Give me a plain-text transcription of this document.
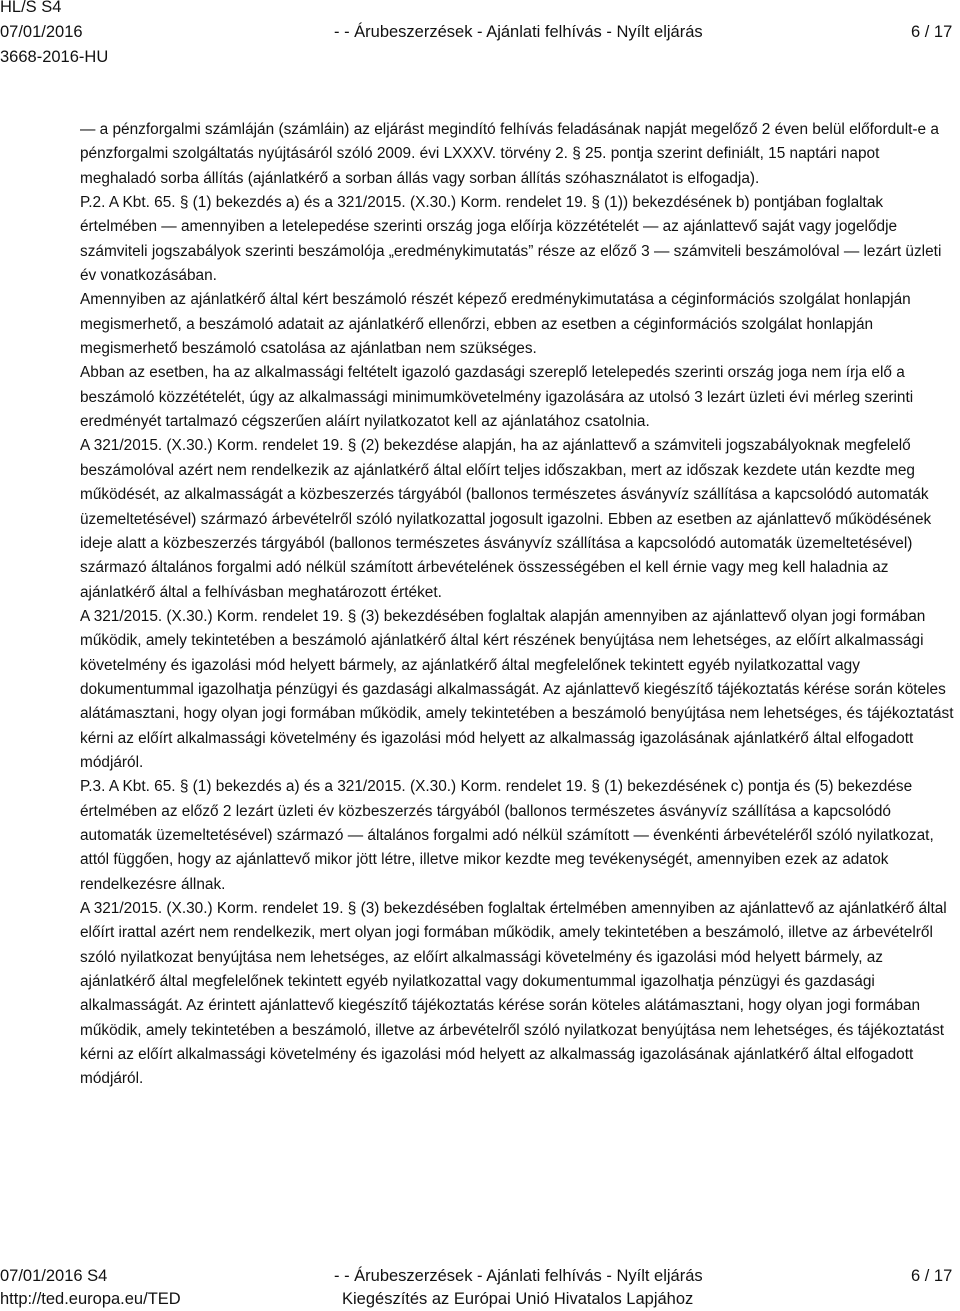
HL/S S4
07/01/2016	- - Árubeszerzések - Ajánlati felhívás - Nyílt eljárás	6 / 17
3668-2016-HU

— a pénzforgalmi számláján (számláin) az eljárást megindító felhívás feladásának napját megelőző 2 éven belül előfordult-e a pénzforgalmi szolgáltatás nyújtásáról szóló 2009. évi LXXXV. törvény 2. § 25. pontja szerint definiált, 15 naptári napot meghaladó sorba állítás (ajánlatkérő a sorban állás vagy sorban állítás szóhasználatot is elfogadja).

P.2. A Kbt. 65. § (1) bekezdés a) és a 321/2015. (X.30.) Korm. rendelet 19. § (1)) bekezdésének b) pontjában foglaltak értelmében — amennyiben a letelepedése szerinti ország joga előírja közzétételét — az ajánlattevő saját vagy jogelődje számviteli jogszabályok szerinti beszámolója „eredménykimutatás” része az előző 3 — számviteli beszámolóval — lezárt üzleti év vonatkozásában.

Amennyiben az ajánlatkérő által kért beszámoló részét képező eredménykimutatása a céginformációs szolgálat honlapján megismerhető, a beszámoló adatait az ajánlatkérő ellenőrzi, ebben az esetben a céginformációs szolgálat honlapján megismerhető beszámoló csatolása az ajánlatban nem szükséges.

Abban az esetben, ha az alkalmassági feltételt igazoló gazdasági szereplő letelepedés szerinti ország joga nem írja elő a beszámoló közzétételét, úgy az alkalmassági minimumkövetelmény igazolására az utolsó 3 lezárt üzleti évi mérleg szerinti eredményét tartalmazó cégszerűen aláírt nyilatkozatot kell az ajánlatához csatolnia.

A 321/2015. (X.30.) Korm. rendelet 19. § (2) bekezdése alapján, ha az ajánlattevő a számviteli jogszabályoknak megfelelő beszámolóval azért nem rendelkezik az ajánlatkérő által előírt teljes időszakban, mert az időszak kezdete után kezdte meg működését, az alkalmasságát a közbeszerzés tárgyából (ballonos természetes ásványvíz szállítása a kapcsolódó automaták üzemeltetésével) származó árbevételről szóló nyilatkozattal jogosult igazolni. Ebben az esetben az ajánlattevő működésének ideje alatt a közbeszerzés tárgyából (ballonos természetes ásványvíz szállítása a kapcsolódó automaták üzemeltetésével) származó általános forgalmi adó nélkül számított árbevételének összességében el kell érnie vagy meg kell haladnia az ajánlatkérő által a felhívásban meghatározott értéket.

A 321/2015. (X.30.) Korm. rendelet 19. § (3) bekezdésében foglaltak alapján amennyiben az ajánlattevő olyan jogi formában működik, amely tekintetében a beszámoló ajánlatkérő által kért részének benyújtása nem lehetséges, az előírt alkalmassági követelmény és igazolási mód helyett bármely, az ajánlatkérő által megfelelőnek tekintett egyéb nyilatkozattal vagy dokumentummal igazolhatja pénzügyi és gazdasági alkalmasságát. Az ajánlattevő kiegészítő tájékoztatás kérése során köteles alátámasztani, hogy olyan jogi formában működik, amely tekintetében a beszámoló benyújtása nem lehetséges, és tájékoztatást kérni az előírt alkalmassági követelmény és igazolási mód helyett az alkalmasság igazolásának ajánlatkérő által elfogadott módjáról.

P.3. A Kbt. 65. § (1) bekezdés a) és a 321/2015. (X.30.) Korm. rendelet 19. § (1) bekezdésének c) pontja és (5) bekezdése értelmében az előző 2 lezárt üzleti év közbeszerzés tárgyából (ballonos természetes ásványvíz szállítása a kapcsolódó automaták üzemeltetésével) származó — általános forgalmi adó nélkül számított — évenkénti árbevételéről szóló nyilatkozat, attól függően, hogy az ajánlattevő mikor jött létre, illetve mikor kezdte meg tevékenységét, amennyiben ezek az adatok rendelkezésre állnak.

A 321/2015. (X.30.) Korm. rendelet 19. § (3) bekezdésében foglaltak értelmében amennyiben az ajánlattevő az ajánlatkérő által előírt irattal azért nem rendelkezik, mert olyan jogi formában működik, amely tekintetében a beszámoló, illetve az árbevételről szóló nyilatkozat benyújtása nem lehetséges, az előírt alkalmassági követelmény és igazolási mód helyett bármely, az ajánlatkérő által megfelelőnek tekintett egyéb nyilatkozattal vagy dokumentummal igazolhatja pénzügyi és gazdasági alkalmasságát. Az érintett ajánlattevő kiegészítő tájékoztatás kérése során köteles alátámasztani, hogy olyan jogi formában működik, amely tekintetében a beszámoló, illetve az árbevételről szóló nyilatkozat benyújtása nem lehetséges, és tájékoztatást kérni az előírt alkalmassági követelmény és igazolási mód helyett az alkalmasság igazolásának ajánlatkérő által elfogadott módjáról.

07/01/2016 S4	- - Árubeszerzések - Ajánlati felhívás - Nyílt eljárás	6 / 17
http://ted.europa.eu/TED	Kiegészítés az Európai Unió Hivatalos Lapjához
